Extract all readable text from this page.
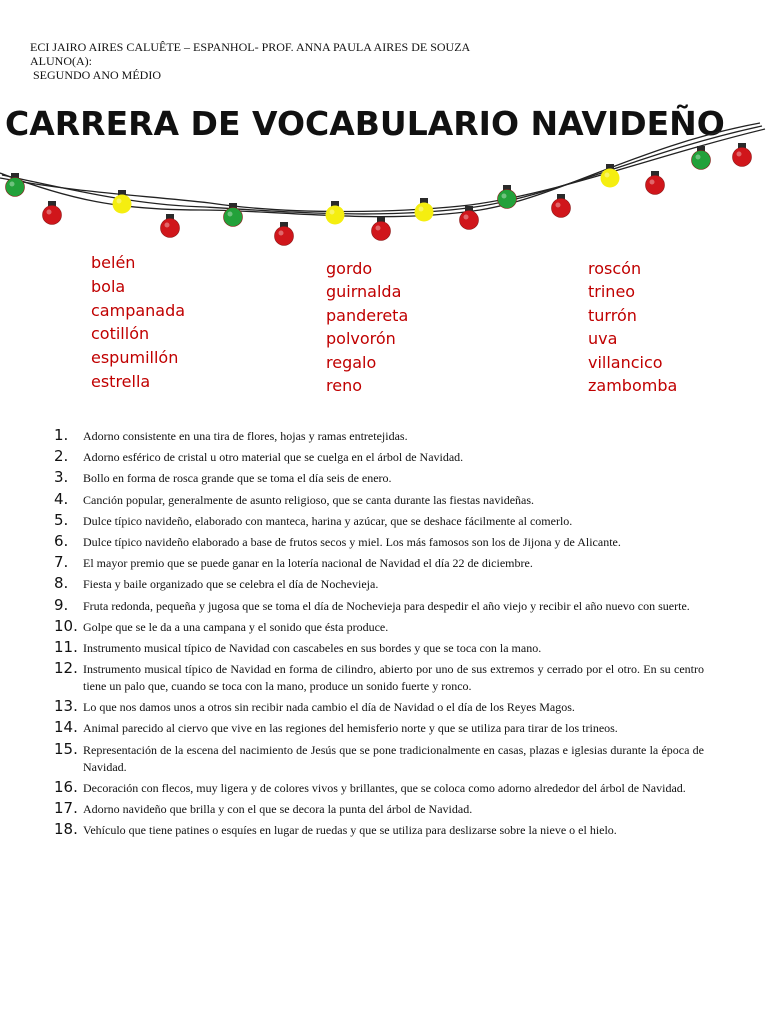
ECI JAIRO AIRES CALUÊTE – ESPANHOL- PROF. ANNA PAULA AIRES DE SOUZA
ALUNO(A):
SEGUNDO ANO MÉDIO
CARRERA DE VOCABULARIO NAVIDEÑO
belén
bola
campanada
cotillón
espumillón
estrella
gordo
guirnalda
pandereta
polvorón
regalo
reno
roscón
trineo
turrón
uva
villancico
zambomba
1.	Adorno consistente en una tira de flores, hojas y ramas entretejidas.
2.	Adorno esférico de cristal u otro material que se cuelga en el árbol de Navidad.
3.	Bollo en forma de rosca grande que se toma el día seis de enero.
4.	Canción popular, generalmente de asunto religioso, que se canta durante las fiestas navideñas.
5.	Dulce típico navideño, elaborado con manteca, harina y azúcar, que se deshace fácilmente al comerlo.
6.	Dulce típico navideño elaborado a base de frutos secos y miel. Los más famosos son los de Jijona y de Alicante.
7.	El mayor premio que se puede ganar en la lotería nacional de Navidad el día 22 de diciembre.
8.	Fiesta y baile organizado que se celebra el día de Nochevieja.
9.	Fruta redonda, pequeña y jugosa que se toma el día de Nochevieja para despedir el año viejo y recibir el año nuevo con suerte.
10. Golpe que se le da a una campana y el sonido que ésta produce.
11. Instrumento musical típico de Navidad con cascabeles en sus bordes y que se toca con la mano.
12. Instrumento musical típico de Navidad en forma de cilindro, abierto por uno de sus extremos y cerrado por el otro. En su centro tiene un palo que, cuando se toca con la mano, produce un sonido fuerte y ronco.
13. Lo que nos damos unos a otros sin recibir nada cambio el día de Navidad o el día de los Reyes Magos.
14. Animal parecido al ciervo que vive en las regiones del hemisferio norte y que se utiliza para tirar de los trineos.
15. Representación de la escena del nacimiento de Jesús que se pone tradicionalmente en casas, plazas e iglesias durante la época de Navidad.
16. Decoración con flecos, muy ligera y de colores vivos y brillantes, que se coloca como adorno alrededor del árbol de Navidad.
17. Adorno navideño que brilla y con el que se decora la punta del árbol de Navidad.
18. Vehículo que tiene patines o esquíes en lugar de ruedas y que se utiliza para deslizarse sobre la nieve o el hielo.
